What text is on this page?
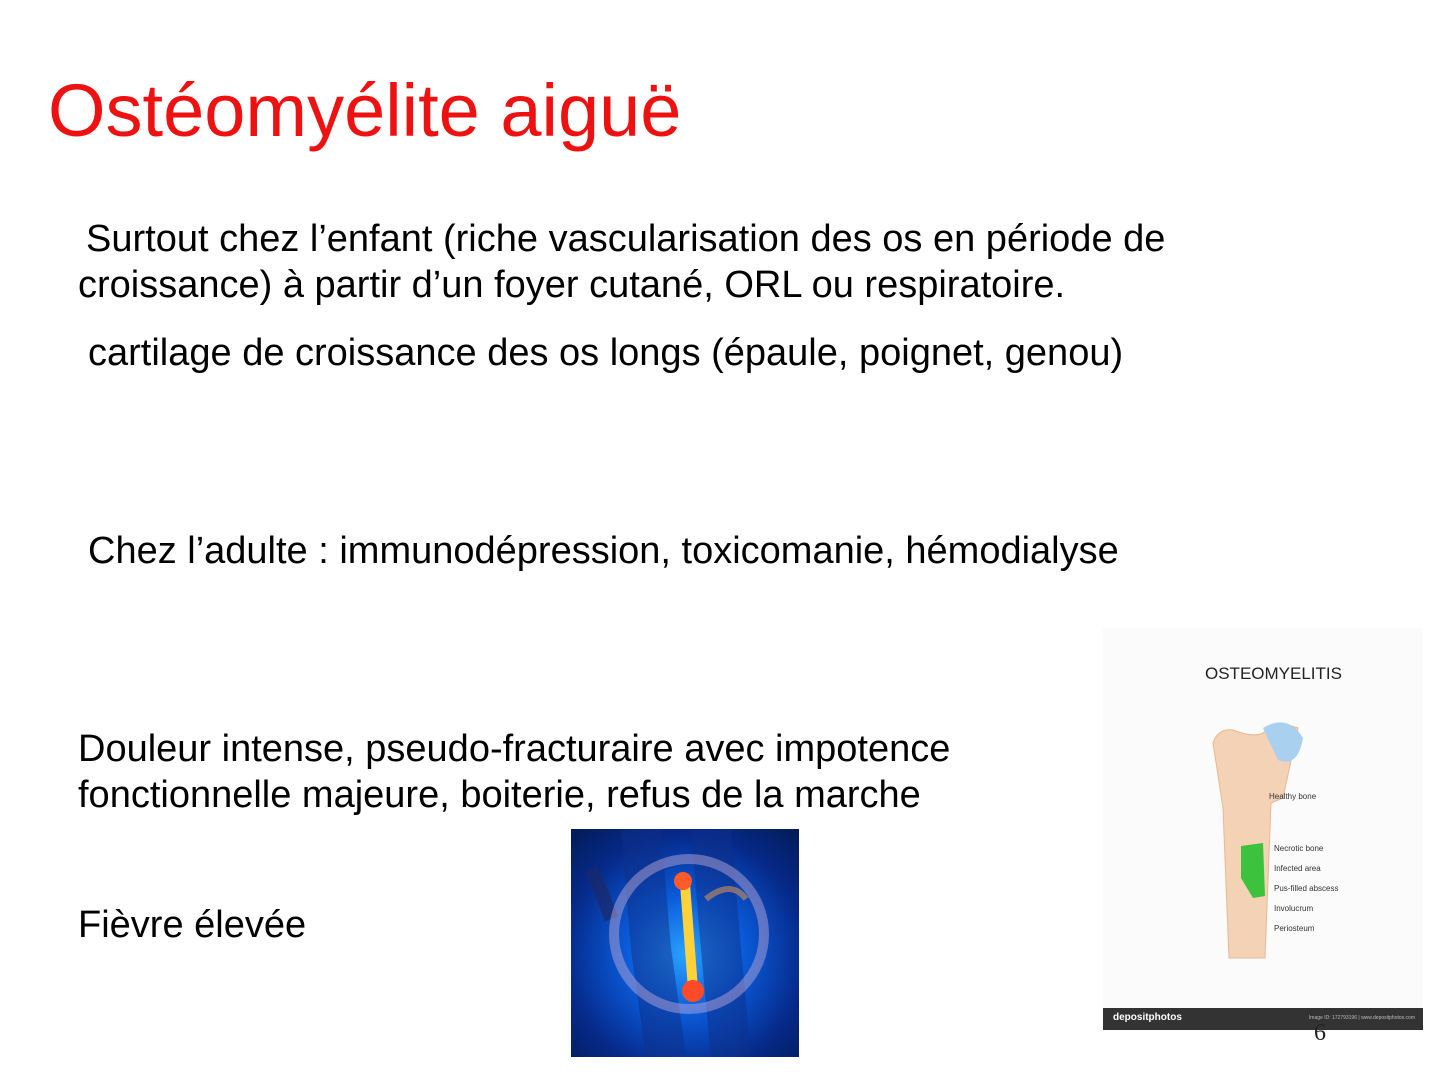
Ostéomyélite aiguë
Surtout chez l’enfant (riche vascularisation des os en période de
croissance) à partir d’un foyer cutané, ORL ou respiratoire.
cartilage de croissance des os longs (épaule, poignet, genou)
Chez l’adulte : immunodépression, toxicomanie, hémodialyse
Douleur intense, pseudo-fracturaire avec impotence
fonctionnelle majeure, boiterie, refus de la marche
Fièvre élevée
OSTEOMYELITIS
Healthy bone
Necrotic bone
Infected area
Pus-filled abscess
Involucrum
Periosteum
depositphotos	Image ID: 172793196 | www.depositphotos.com
6
